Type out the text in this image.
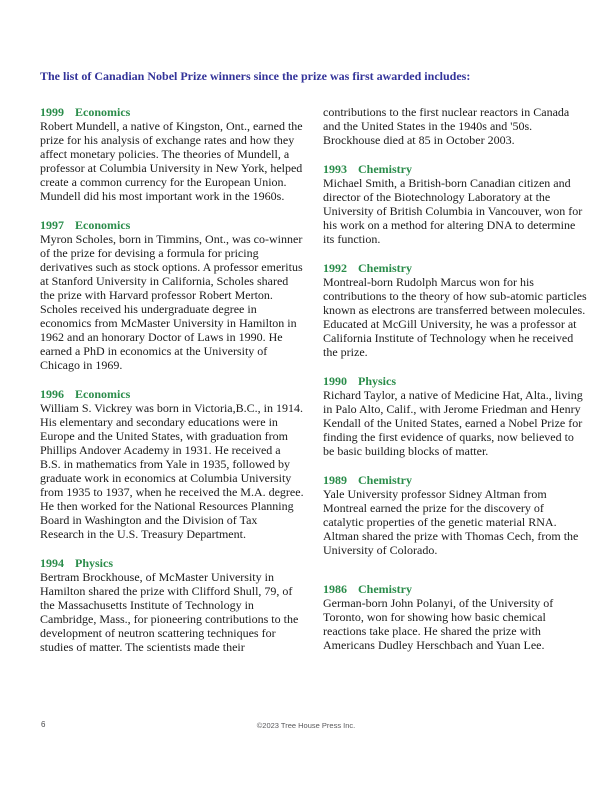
The list of Canadian Nobel Prize winners since the prize was first awarded includes:
1999 Economics
Robert Mundell, a native of Kingston, Ont., earned the prize for his analysis of exchange rates and how they affect monetary policies. The theories of Mundell, a professor at Columbia University in New York, helped create a common currency for the European Union. Mundell did his most important work in the 1960s.
1997 Economics
Myron Scholes, born in Timmins, Ont., was co-winner of the prize for devising a formula for pricing derivatives such as stock options. A professor emeritus at Stanford University in California, Scholes shared the prize with Harvard professor Robert Merton. Scholes received his undergraduate degree in economics from McMaster University in Hamilton in 1962 and an honorary Doctor of Laws in 1990. He earned a PhD in economics at the University of Chicago in 1969.
1996 Economics
William S. Vickrey was born in Victoria,B.C., in 1914. His elementary and secondary educations were in Europe and the United States, with graduation from Phillips Andover Academy in 1931. He received a B.S. in mathematics from Yale in 1935, followed by graduate work in economics at Columbia University from 1935 to 1937, when he received the M.A. degree. He then worked for the National Resources Planning Board in Washington and the Division of Tax Research in the U.S. Treasury Department.
1994 Physics
Bertram Brockhouse, of McMaster University in Hamilton shared the prize with Clifford Shull, 79, of the Massachusetts Institute of Technology in Cambridge, Mass., for pioneering contributions to the development of neutron scattering techniques for studies of matter. The scientists made their
contributions to the first nuclear reactors in Canada and the United States in the 1940s and '50s. Brockhouse died at 85 in October 2003.
1993 Chemistry
Michael Smith, a British-born Canadian citizen and director of the Biotechnology Laboratory at the University of British Columbia in Vancouver, won for his work on a method for altering DNA to determine its function.
1992 Chemistry
Montreal-born Rudolph Marcus won for his contributions to the theory of how sub-atomic particles known as electrons are transferred between molecules. Educated at McGill University, he was a professor at California Institute of Technology when he received the prize.
1990 Physics
Richard Taylor, a native of Medicine Hat, Alta., living in Palo Alto, Calif., with Jerome Friedman and Henry Kendall of the United States, earned a Nobel Prize for finding the first evidence of quarks, now believed to be basic building blocks of matter.
1989 Chemistry
Yale University professor Sidney Altman from Montreal earned the prize for the discovery of catalytic properties of the genetic material RNA. Altman shared the prize with Thomas Cech, from the University of Colorado.
1986 Chemistry
German-born John Polanyi, of the University of Toronto, won for showing how basic chemical reactions take place. He shared the prize with Americans Dudley Herschbach and Yuan Lee.
6	©2023 Tree House Press Inc.
